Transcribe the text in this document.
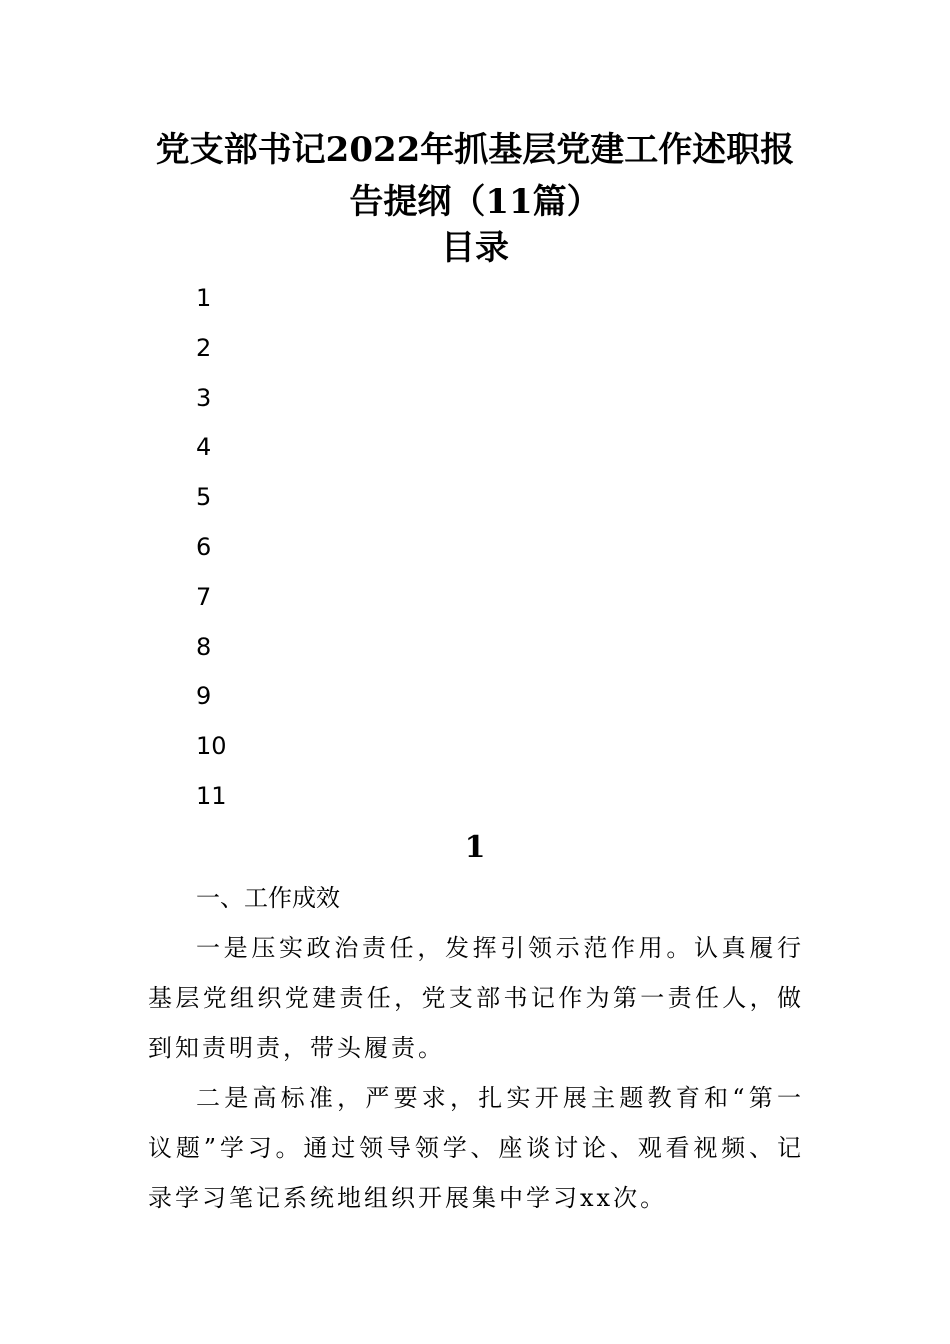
党支部书记2022年抓基层党建工作述职报告提纲（11篇）
目录
1
2
3
4
5
6
7
8
9
10
11
1
一、工作成效

一是压实政治责任，发挥引领示范作用。认真履行基层党组织党建责任，党支部书记作为第一责任人，做到知责明责，带头履责。

二是高标准，严要求，扎实开展主题教育和“第一议题”学习。通过领导领学、座谈讨论、观看视频、记录学习笔记系统地组织开展集中学习xx次。
